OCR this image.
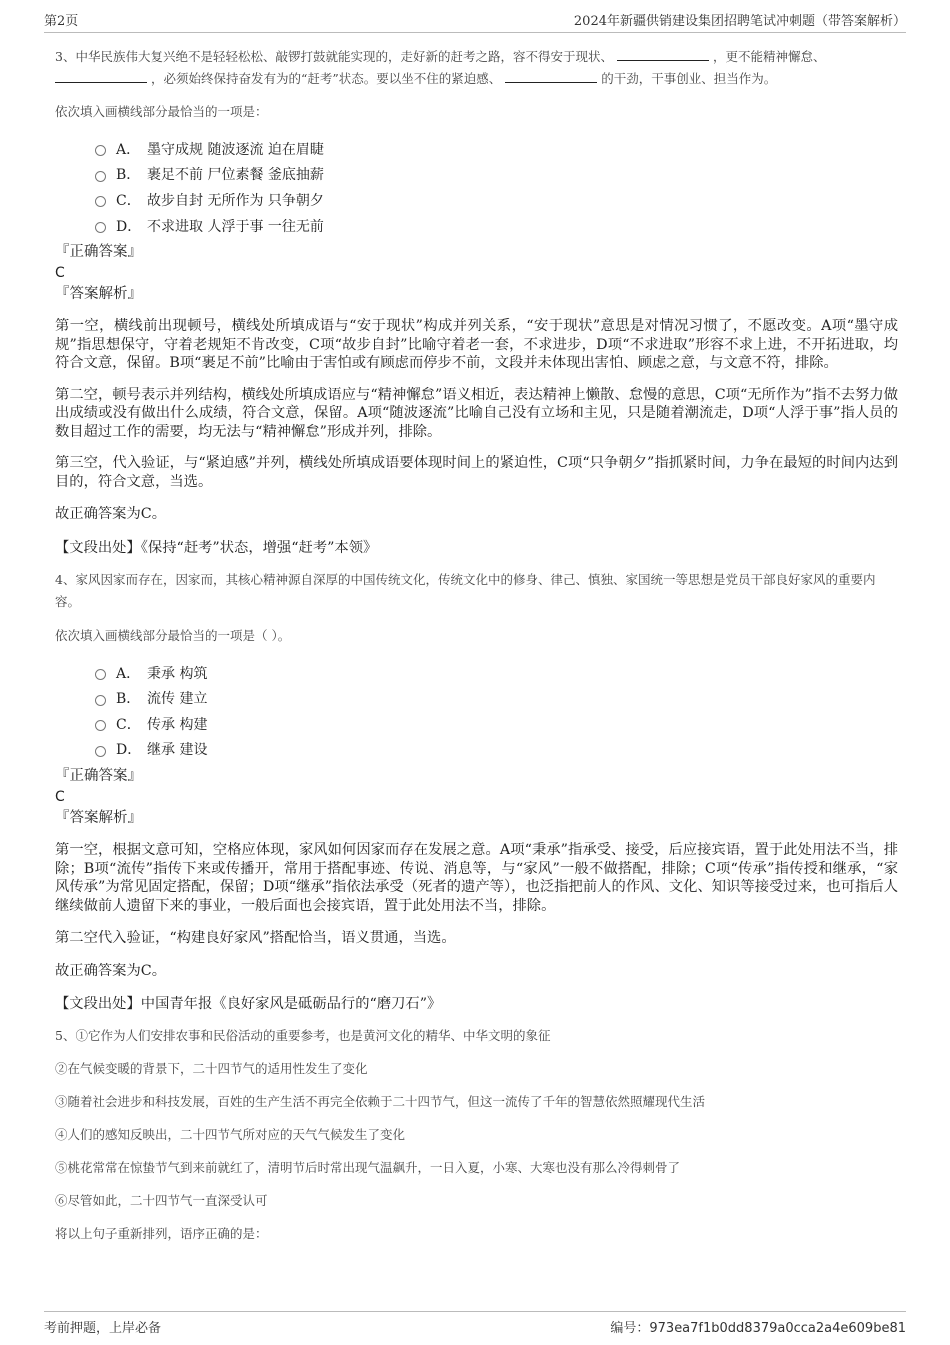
第2页	2024年新疆供销建设集团招聘笔试冲刺题（带答案解析）

3、中华民族伟大复兴绝不是轻轻松松、敲锣打鼓就能实现的，走好新的赶考之路，容不得安于现状、	，更不能精神懈怠、
，必须始终保持奋发有为的“赶考”状态。要以坐不住的紧迫感、	的干劲，干事创业、担当作为。

依次填入画横线部分最恰当的一项是：

A． 墨守成规 随波逐流 迫在眉睫
B． 裹足不前 尸位素餐 釜底抽薪
C． 故步自封 无所作为 只争朝夕
D． 不求进取 人浮于事 一往无前

『正确答案』

C

『答案解析』

第一空，横线前出现顿号，横线处所填成语与“安于现状”构成并列关系，“安于现状”意思是对情况习惯了，不愿改变。A项“墨守成规”指思想保守，守着老规矩不肯改变，C项“故步自封”比喻守着老一套，不求进步，D项“不求进取”形容不求上进，不开拓进取，均符合文意，保留。B项“裹足不前”比喻由于害怕或有顾虑而停步不前，文段并未体现出害怕、顾虑之意，与文意不符，排除。

第二空，顿号表示并列结构，横线处所填成语应与“精神懈怠”语义相近，表达精神上懒散、怠慢的意思，C项“无所作为”指不去努力做出成绩或没有做出什么成绩，符合文意，保留。A项“随波逐流”比喻自己没有立场和主见，只是随着潮流走，D项“人浮于事”指人员的数目超过工作的需要，均无法与“精神懈怠”形成并列，排除。

第三空，代入验证，与“紧迫感”并列，横线处所填成语要体现时间上的紧迫性，C项“只争朝夕”指抓紧时间，力争在最短的时间内达到目的，符合文意，当选。

故正确答案为C。

【文段出处】《保持“赶考”状态，增强“赶考”本领》

4、家风因家而存在，因家而，其核心精神源自深厚的中国传统文化，传统文化中的修身、律己、慎独、家国统一等思想是党员干部良好家风的重要内容。

依次填入画横线部分最恰当的一项是（ ）。

A． 秉承 构筑
B． 流传 建立
C． 传承 构建
D． 继承 建设

『正确答案』

C

『答案解析』

第一空，根据文意可知，空格应体现，家风如何因家而存在发展之意。A项“秉承”指承受、接受，后应接宾语，置于此处用法不当，排除；B项“流传”指传下来或传播开，常用于搭配事迹、传说、消息等，与“家风”一般不做搭配，排除；C项“传承”指传授和继承，“家风传承”为常见固定搭配，保留；D项“继承”指依法承受（死者的遗产等），也泛指把前人的作风、文化、知识等接受过来，也可指后人继续做前人遗留下来的事业，一般后面也会接宾语，置于此处用法不当，排除。

第二空代入验证，“构建良好家风”搭配恰当，语义贯通，当选。

故正确答案为C。

【文段出处】中国青年报《良好家风是砥砺品行的“磨刀石”》

5、①它作为人们安排农事和民俗活动的重要参考，也是黄河文化的精华、中华文明的象征

②在气候变暖的背景下，二十四节气的适用性发生了变化

③随着社会进步和科技发展，百姓的生产生活不再完全依赖于二十四节气，但这一流传了千年的智慧依然照耀现代生活

④人们的感知反映出，二十四节气所对应的天气气候发生了变化

⑤桃花常常在惊蛰节气到来前就红了，清明节后时常出现气温飙升，一日入夏，小寒、大寒也没有那么冷得刺骨了

⑥尽管如此，二十四节气一直深受认可

将以上句子重新排列，语序正确的是：

考前押题，上岸必备	编号：973ea7f1b0dd8379a0cca2a4e609be81
